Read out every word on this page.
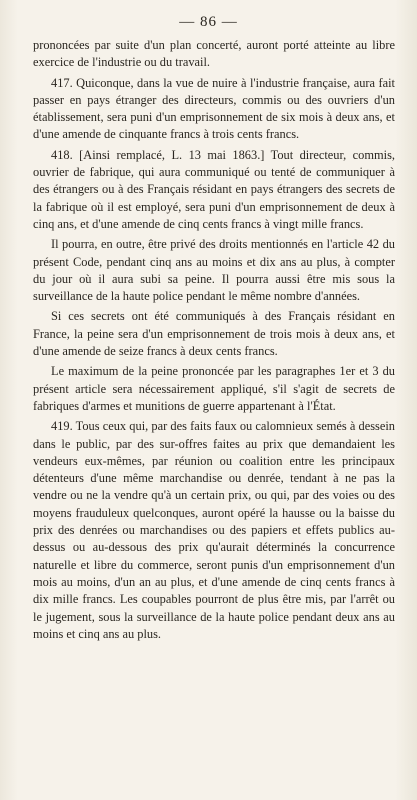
— 86 —

prononcées par suite d'un plan concerté, auront porté atteinte au libre exercice de l'industrie ou du travail.

417. Quiconque, dans la vue de nuire à l'industrie française, aura fait passer en pays étranger des directeurs, commis ou des ouvriers d'un établissement, sera puni d'un emprisonnement de six mois à deux ans, et d'une amende de cinquante francs à trois cents francs.

418. [Ainsi remplacé, L. 13 mai 1863.] Tout directeur, commis, ouvrier de fabrique, qui aura communiqué ou tenté de communiquer à des étrangers ou à des Français résidant en pays étrangers des secrets de la fabrique où il est employé, sera puni d'un emprisonnement de deux à cinq ans, et d'une amende de cinq cents francs à vingt mille francs.

Il pourra, en outre, être privé des droits mentionnés en l'article 42 du présent Code, pendant cinq ans au moins et dix ans au plus, à compter du jour où il aura subi sa peine. Il pourra aussi être mis sous la surveillance de la haute police pendant le même nombre d'années.

Si ces secrets ont été communiqués à des Français résidant en France, la peine sera d'un emprisonnement de trois mois à deux ans, et d'une amende de seize francs à deux cents francs.

Le maximum de la peine prononcée par les paragraphes 1er et 3 du présent article sera nécessairement appliqué, s'il s'agit de secrets de fabriques d'armes et munitions de guerre appartenant à l'État.

419. Tous ceux qui, par des faits faux ou calomnieux semés à dessein dans le public, par des sur-offres faites au prix que demandaient les vendeurs eux-mêmes, par réunion ou coalition entre les principaux détenteurs d'une même marchandise ou denrée, tendant à ne pas la vendre ou ne la vendre qu'à un certain prix, ou qui, par des voies ou des moyens frauduleux quelconques, auront opéré la hausse ou la baisse du prix des denrées ou marchandises ou des papiers et effets publics au-dessus ou au-dessous des prix qu'aurait déterminés la concurrence naturelle et libre du commerce, seront punis d'un emprisonnement d'un mois au moins, d'un an au plus, et d'une amende de cinq cents francs à dix mille francs. Les coupables pourront de plus être mis, par l'arrêt ou le jugement, sous la surveillance de la haute police pendant deux ans au moins et cinq ans au plus.
